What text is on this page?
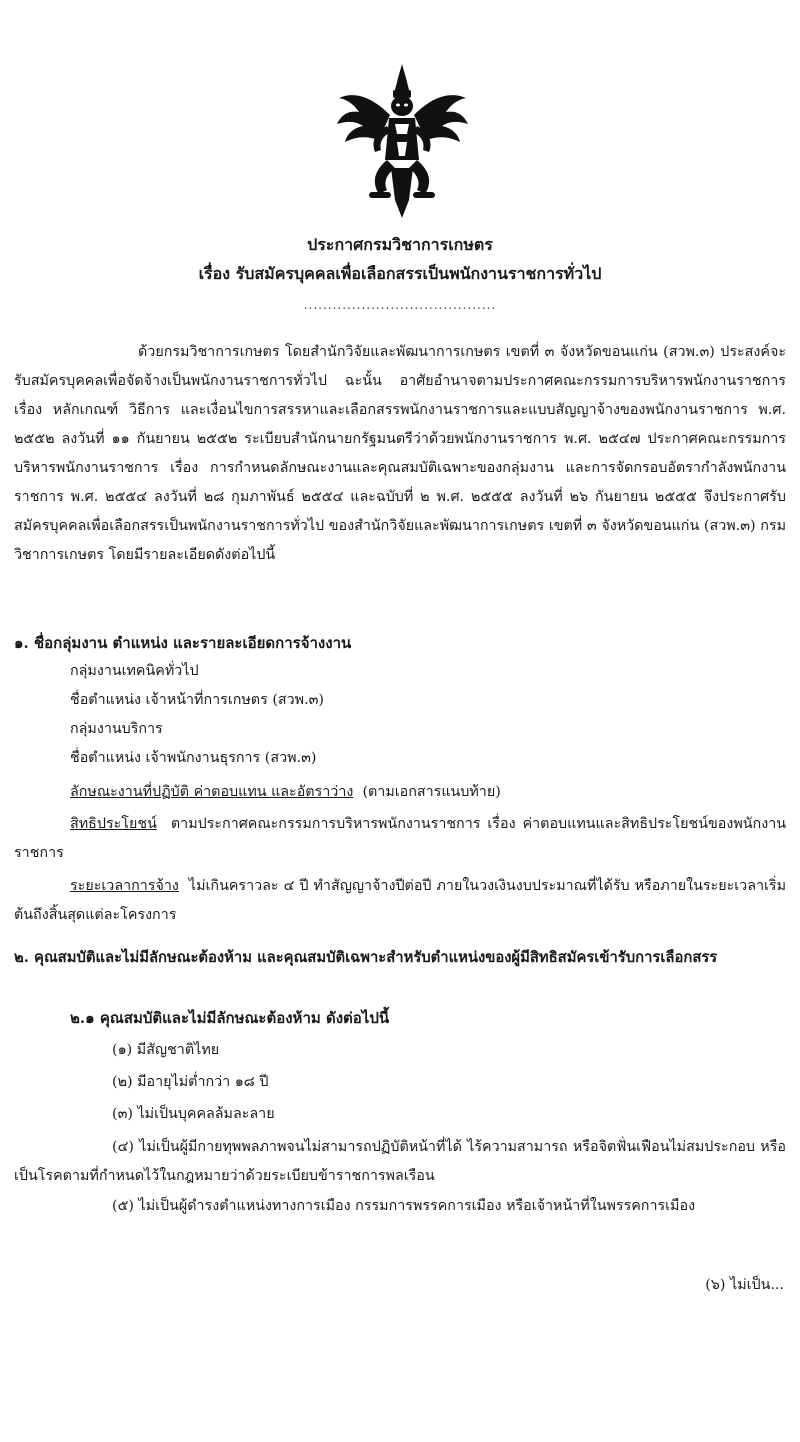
ประกาศกรมวิชาการเกษตร
เรื่อง รับสมัครบุคคลเพื่อเลือกสรรเป็นพนักงานราชการทั่วไป
........................................
ด้วยกรมวิชาการเกษตร โดยสำนักวิจัยและพัฒนาการเกษตร เขตที่ ๓ จังหวัดขอนแก่น (สวพ.๓) ประสงค์จะรับสมัครบุคคลเพื่อจัดจ้างเป็นพนักงานราชการทั่วไป ฉะนั้น อาศัยอำนาจตามประกาศคณะกรรมการบริหารพนักงานราชการ เรื่อง หลักเกณฑ์ วิธีการ และเงื่อนไขการสรรหาและเลือกสรรพนักงานราชการและแบบสัญญาจ้างของพนักงานราชการ พ.ศ. ๒๕๕๒ ลงวันที่ ๑๑ กันยายน ๒๕๕๒ ระเบียบสำนักนายกรัฐมนตรีว่าด้วยพนักงานราชการ พ.ศ. ๒๕๔๗ ประกาศคณะกรรมการบริหารพนักงานราชการ เรื่อง การกำหนดลักษณะงานและคุณสมบัติเฉพาะของกลุ่มงาน และการจัดกรอบอัตรากำลังพนักงานราชการ พ.ศ. ๒๕๕๔ ลงวันที่ ๒๘ กุมภาพันธ์ ๒๕๕๔ และฉบับที่ ๒ พ.ศ. ๒๕๕๕ ลงวันที่ ๒๖ กันยายน ๒๕๕๕ จึงประกาศรับสมัครบุคคลเพื่อเลือกสรรเป็นพนักงานราชการทั่วไป ของสำนักวิจัยและพัฒนาการเกษตร เขตที่ ๓ จังหวัดขอนแก่น (สวพ.๓) กรมวิชาการเกษตร โดยมีรายละเอียดดังต่อไปนี้
๑. ชื่อกลุ่มงาน ตำแหน่ง และรายละเอียดการจ้างงาน
กลุ่มงานเทคนิคทั่วไป
ชื่อตำแหน่ง เจ้าหน้าที่การเกษตร (สวพ.๓)
กลุ่มงานบริการ
ชื่อตำแหน่ง เจ้าพนักงานธุรการ (สวพ.๓)
ลักษณะงานที่ปฏิบัติ ค่าตอบแทน และอัตราว่าง (ตามเอกสารแนบท้าย)
สิทธิประโยชน์ ตามประกาศคณะกรรมการบริหารพนักงานราชการ เรื่อง ค่าตอบแทนและสิทธิประโยชน์ของพนักงานราชการ
ระยะเวลาการจ้าง ไม่เกินคราวละ ๔ ปี ทำสัญญาจ้างปีต่อปี ภายในวงเงินงบประมาณที่ได้รับ หรือภายในระยะเวลาเริ่มต้นถึงสิ้นสุดแต่ละโครงการ
๒. คุณสมบัติและไม่มีลักษณะต้องห้าม และคุณสมบัติเฉพาะสำหรับตำแหน่งของผู้มีสิทธิสมัครเข้ารับการเลือกสรร
๒.๑ คุณสมบัติและไม่มีลักษณะต้องห้าม ดังต่อไปนี้
(๑) มีสัญชาติไทย
(๒) มีอายุไม่ต่ำกว่า ๑๘ ปี
(๓) ไม่เป็นบุคคลล้มละลาย
(๔) ไม่เป็นผู้มีกายทุพพลภาพจนไม่สามารถปฏิบัติหน้าที่ได้ ไร้ความสามารถ หรือจิตฟั่นเฟือนไม่สมประกอบ หรือเป็นโรคตามที่กำหนดไว้ในกฎหมายว่าด้วยระเบียบข้าราชการพลเรือน
(๕) ไม่เป็นผู้ดำรงตำแหน่งทางการเมือง กรรมการพรรคการเมือง หรือเจ้าหน้าที่ในพรรคการเมือง
(๖) ไม่เป็น...
